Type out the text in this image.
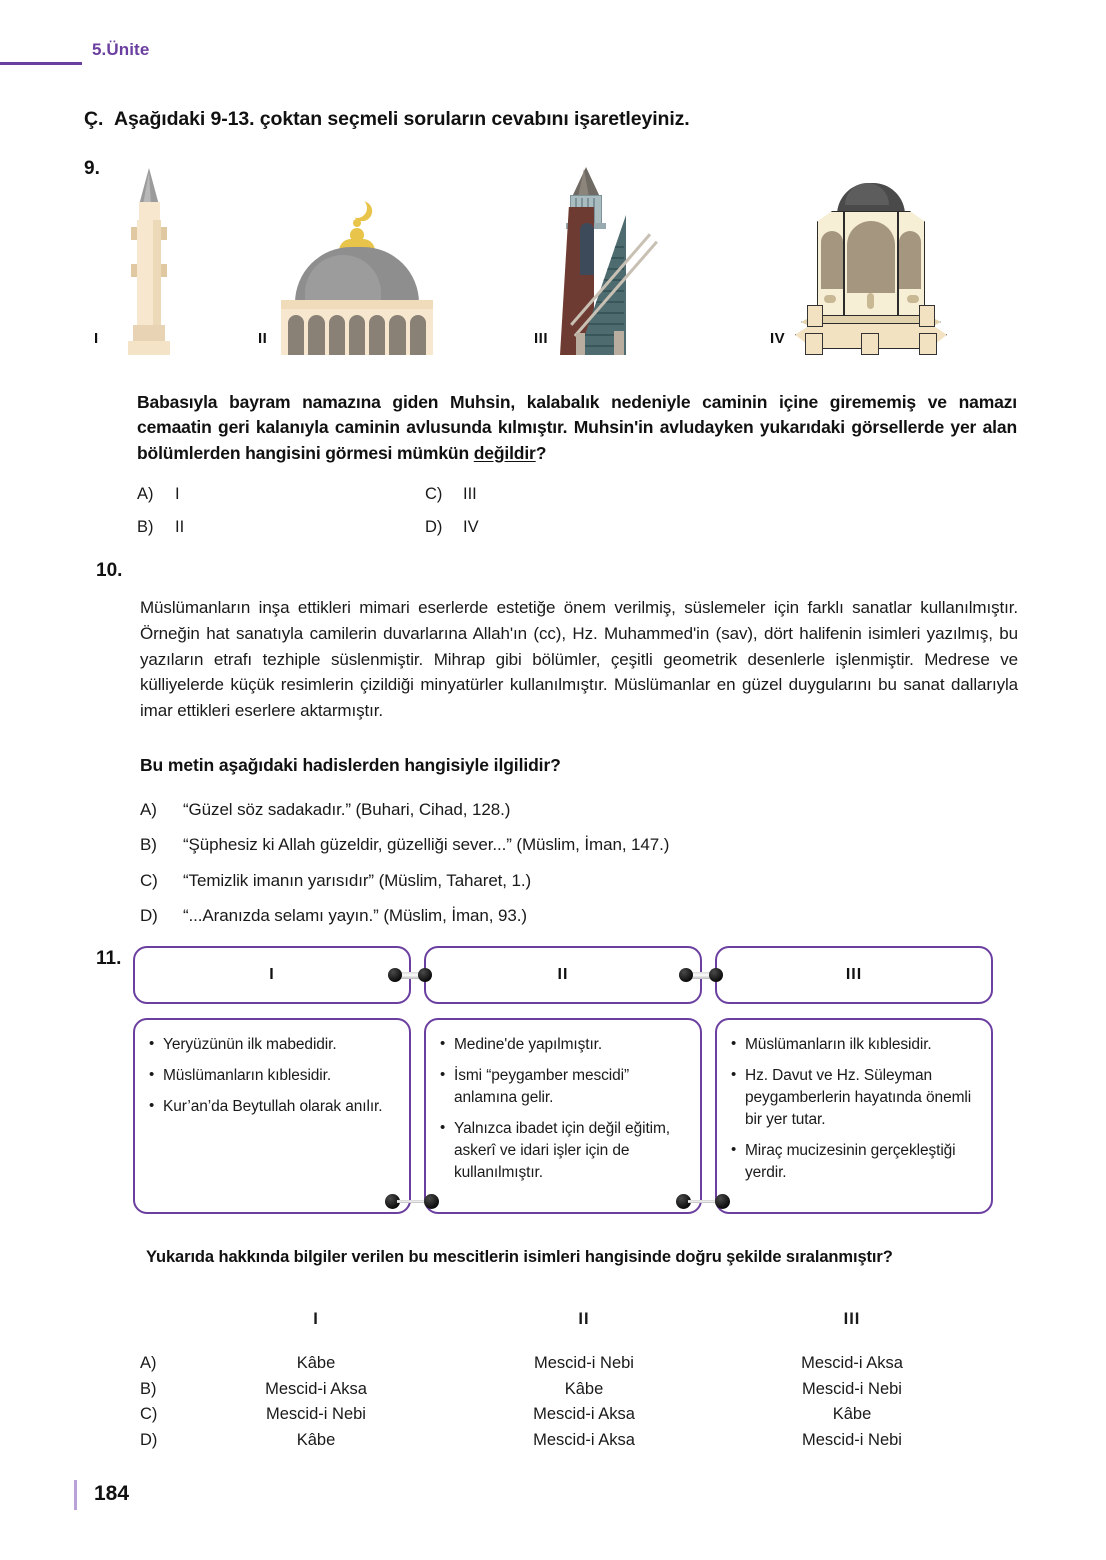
5.Ünite
Ç. Aşağıdaki 9-13. çoktan seçmeli soruların cevabını işaretleyiniz.
9.
I	II	III	IV
Babasıyla bayram namazına giden Muhsin, kalabalık nedeniyle caminin içine girememiş ve namazı cemaatin geri kalanıyla caminin avlusunda kılmıştır. Muhsin'in avludayken yukarıdaki görsellerde yer alan bölümlerden hangisini görmesi mümkün değildir?
A)	I	C)	III
B)	II	D)	IV
10.
Müslümanların inşa ettikleri mimari eserlerde estetiğe önem verilmiş, süslemeler için farklı sanatlar kullanılmıştır. Örneğin hat sanatıyla camilerin duvarlarına Allah'ın (cc), Hz. Muhammed'in (sav), dört halifenin isimleri yazılmış, bu yazıların etrafı tezhiple süslenmiştir. Mihrap gibi bölümler, çeşitli geometrik desenlerle işlenmiştir. Medrese ve külliyelerde küçük resimlerin çizildiği minyatürler kullanılmıştır. Müslümanlar en güzel duygularını bu sanat dallarıyla imar ettikleri eserlere aktarmıştır.
Bu metin aşağıdaki hadislerden hangisiyle ilgilidir?
A)	“Güzel söz sadakadır.” (Buhari, Cihad, 128.)
B)	“Şüphesiz ki Allah güzeldir, güzelliği sever...” (Müslim, İman, 147.)
C)	“Temizlik imanın yarısıdır” (Müslim, Taharet, 1.)
D)	“...Aranızda selamı yayın.” (Müslim, İman, 93.)
11.
I
• Yeryüzünün ilk mabedidir.
• Müslümanların kıblesidir.
• Kur’an’da Beytullah olarak anılır.
II
• Medine'de yapılmıştır.
• İsmi “peygamber mescidi” anlamına gelir.
• Yalnızca ibadet için değil eğitim, askerî ve idari işler için de kullanılmıştır.
III
• Müslümanların ilk kıblesidir.
• Hz. Davut ve Hz. Süleyman peygamberlerin hayatında önemli bir yer tutar.
• Miraç mucizesinin gerçekleştiği yerdir.
Yukarıda hakkında bilgiler verilen bu mescitlerin isimleri hangisinde doğru şekilde sıralanmıştır?
I	II	III
A)	Kâbe	Mescid-i Nebi	Mescid-i Aksa
B)	Mescid-i Aksa	Kâbe	Mescid-i Nebi
C)	Mescid-i Nebi	Mescid-i Aksa	Kâbe
D)	Kâbe	Mescid-i Aksa	Mescid-i Nebi
184
